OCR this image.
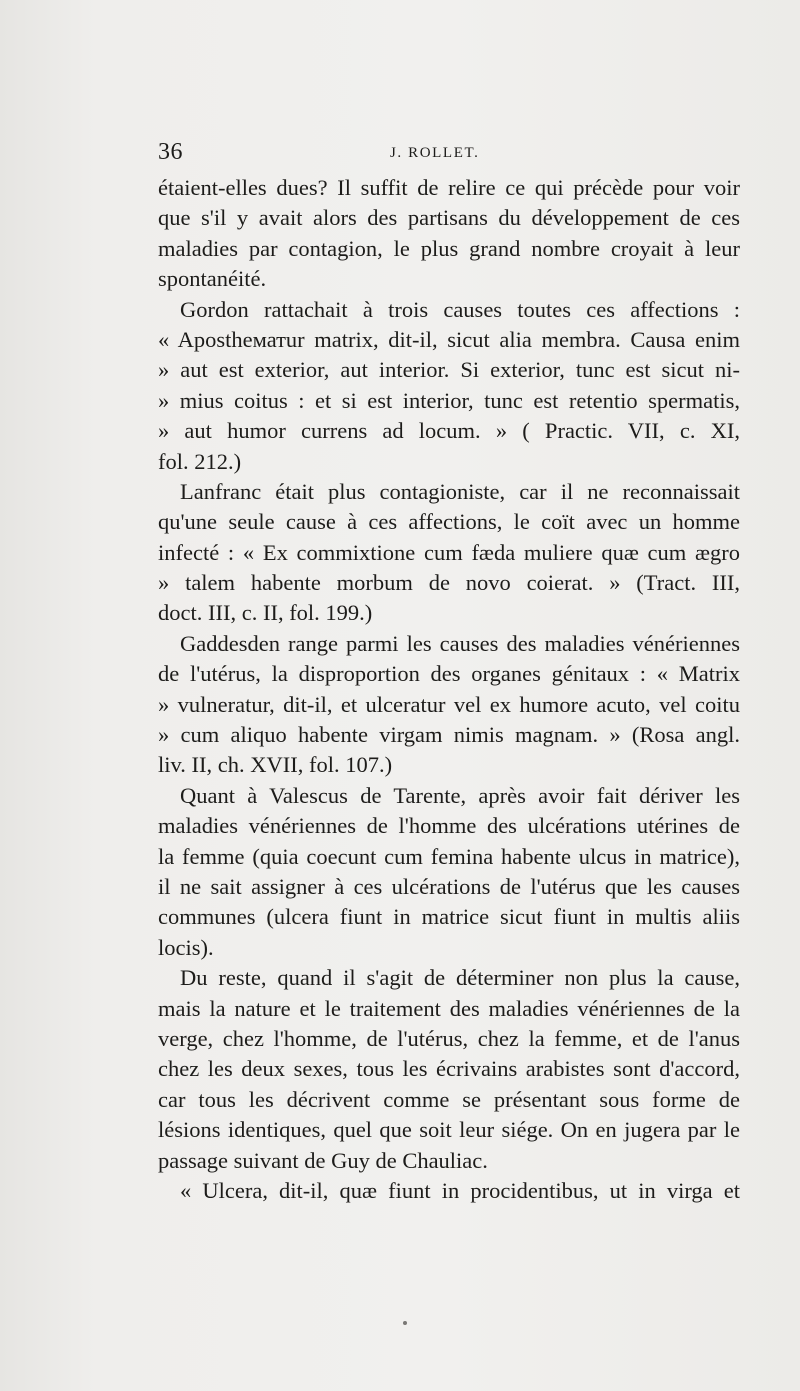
36	J. ROLLET.
étaient-elles dues? Il suffit de relire ce qui précède pour voir
que s'il y avait alors des partisans du développement de ces
maladies par contagion, le plus grand nombre croyait à leur
spontanéité.
Gordon rattachait à trois causes toutes ces affections :
« Apostheматur matrix, dit-il, sicut alia membra. Causa enim
» aut est exterior, aut interior. Si exterior, tunc est sicut ni-
» mius coitus : et si est interior, tunc est retentio spermatis,
» aut humor currens ad locum. » ( Practic. VII, c. XI,
fol. 212.)
Lanfranc était plus contagioniste, car il ne reconnaissait
qu'une seule cause à ces affections, le coït avec un homme
infecté : « Ex commixtione cum fæda muliere quæ cum ægro
» talem habente morbum de novo coierat. » (Tract. III,
doct. III, c. II, fol. 199.)
Gaddesden range parmi les causes des maladies vénériennes
de l'utérus, la disproportion des organes génitaux : « Matrix
» vulneratur, dit-il, et ulceratur vel ex humore acuto, vel coitu
» cum aliquo habente virgam nimis magnam. » (Rosa angl.
liv. II, ch. XVII, fol. 107.)
Quant à Valescus de Tarente, après avoir fait dériver les
maladies vénériennes de l'homme des ulcérations utérines de
la femme (quia coecunt cum femina habente ulcus in matrice),
il ne sait assigner à ces ulcérations de l'utérus que les causes
communes (ulcera fiunt in matrice sicut fiunt in multis aliis
locis).
Du reste, quand il s'agit de déterminer non plus la cause,
mais la nature et le traitement des maladies vénériennes de la
verge, chez l'homme, de l'utérus, chez la femme, et de l'anus
chez les deux sexes, tous les écrivains arabistes sont d'accord,
car tous les décrivent comme se présentant sous forme de
lésions identiques, quel que soit leur siége. On en jugera par le
passage suivant de Guy de Chauliac.
« Ulcera, dit-il, quæ fiunt in procidentibus, ut in virga et
